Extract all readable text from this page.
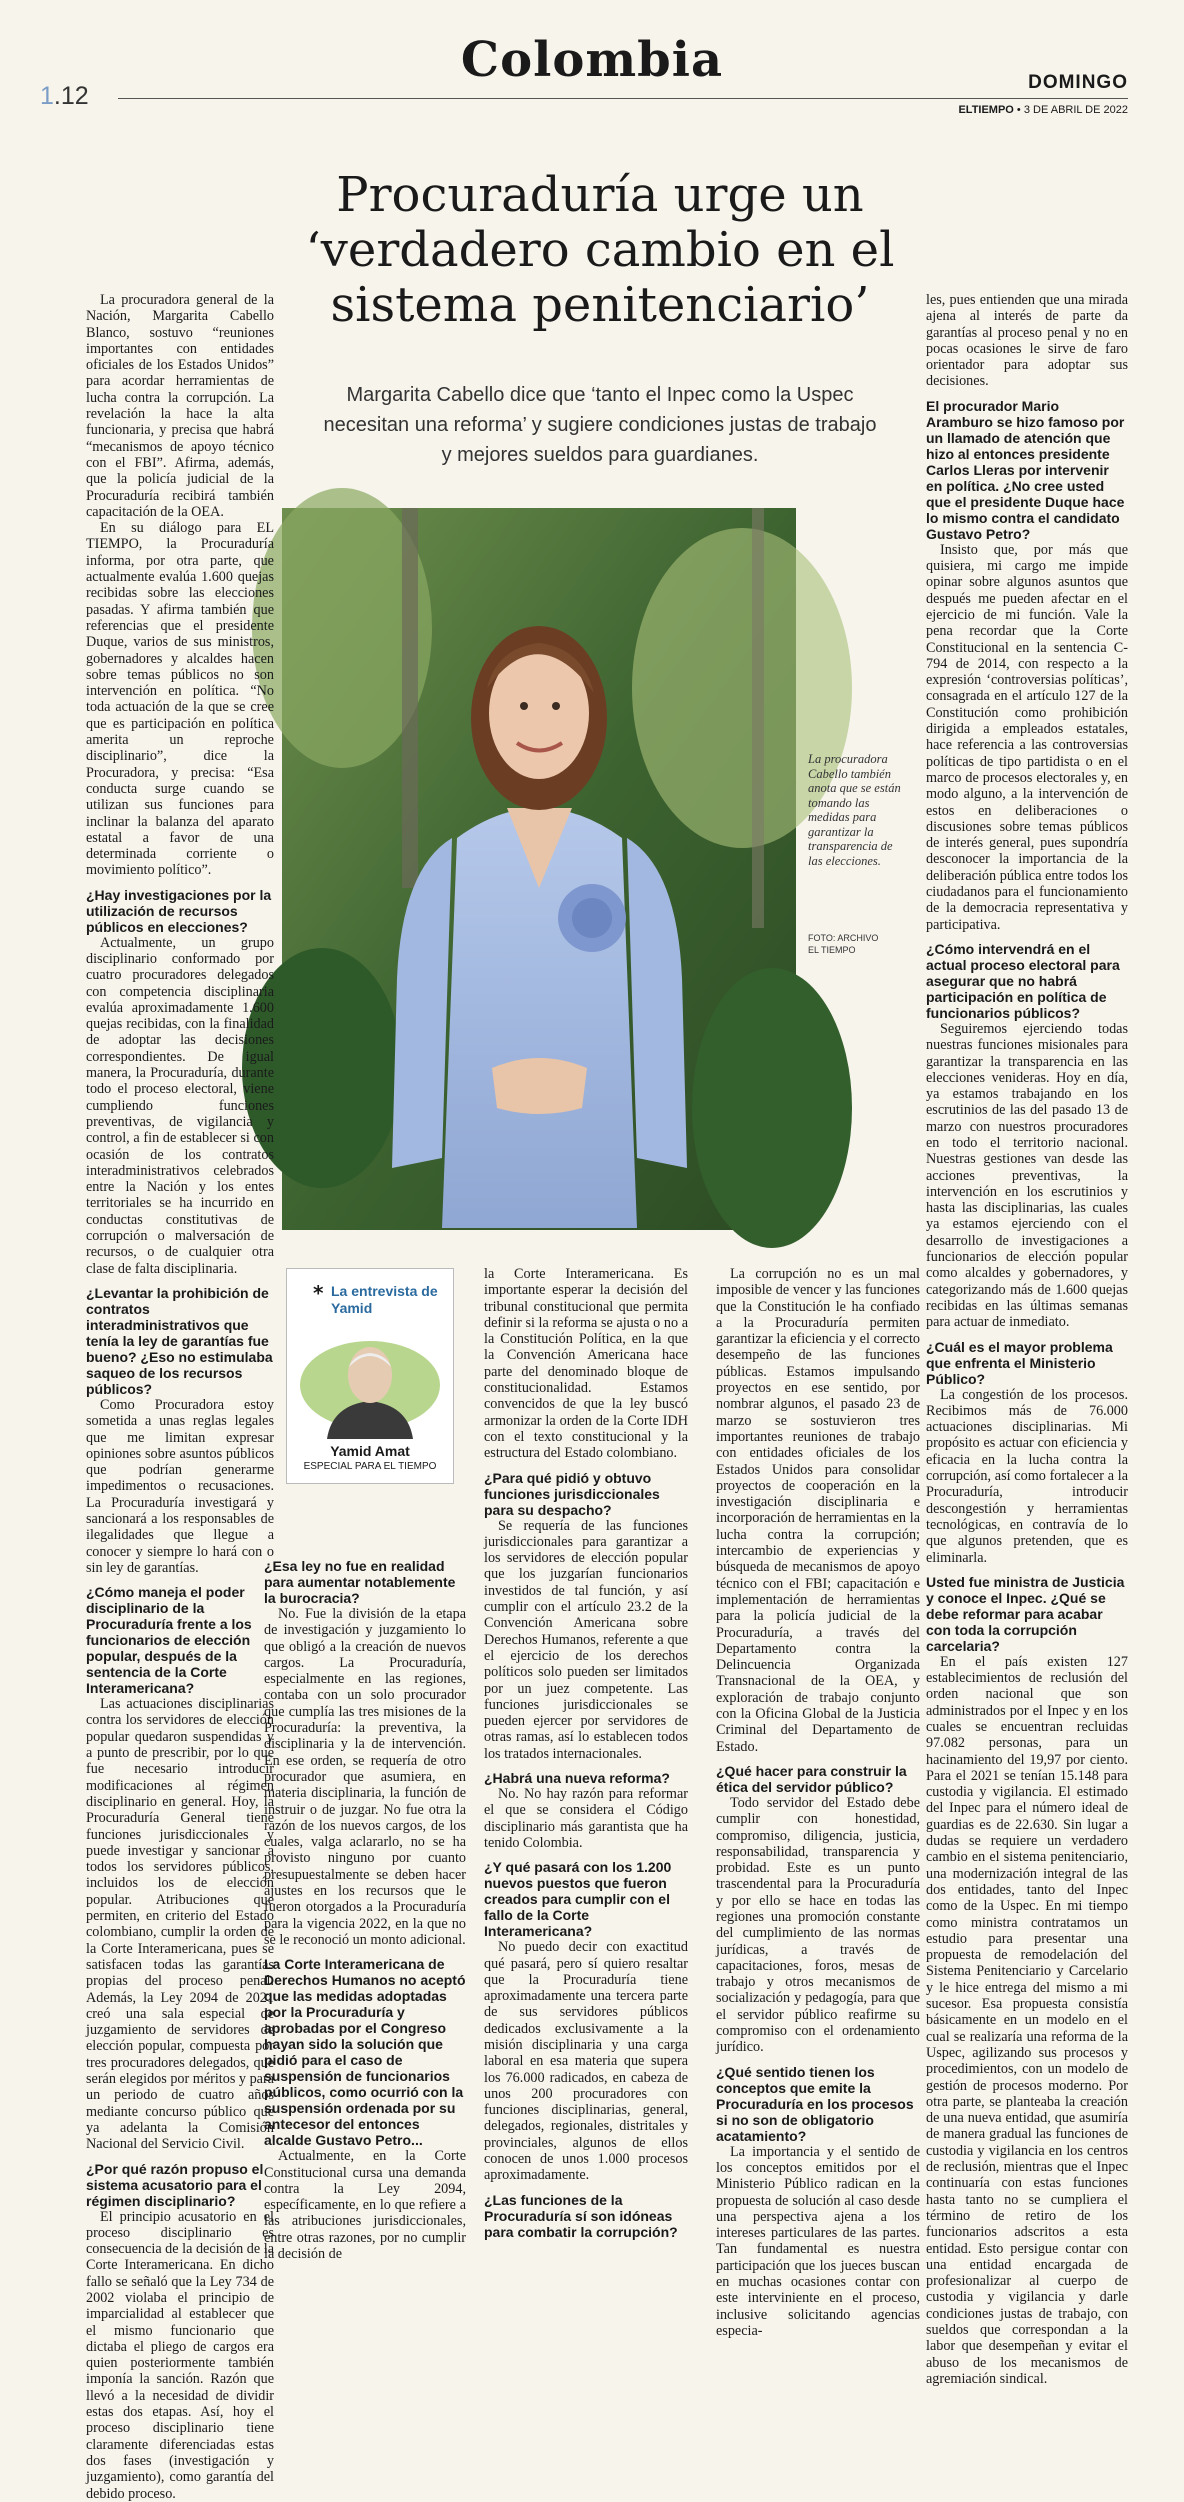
Colombia
1.12	DOMINGO
ELTIEMPO • 3 DE ABRIL DE 2022
Procuraduría urge un ‘verdadero cambio en el sistema penitenciario’
Margarita Cabello dice que ‘tanto el Inpec como la Uspec necesitan una reforma’ y sugiere condiciones justas de trabajo y mejores sueldos para guardianes.
La procuradora Cabello también anota que se están tomando las medidas para garantizar la transparencia de las elecciones.
FOTO: ARCHIVO
EL TIEMPO
* La entrevista de Yamid
Yamid Amat
ESPECIAL PARA EL TIEMPO

La procuradora general de la Nación, Margarita Cabello Blanco, sostuvo “reuniones importantes con entidades oficiales de los Estados Unidos” para acordar herramientas de lucha contra la corrupción. La revelación la hace la alta funcionaria, y precisa que habrá “mecanismos de apoyo técnico con el FBI”. Afirma, además, que la policía judicial de la Procuraduría recibirá también capacitación de la OEA.

En su diálogo para EL TIEMPO, la Procuraduría informa, por otra parte, que actualmente evalúa 1.600 quejas recibidas sobre las elecciones pasadas. Y afirma también que referencias que el presidente Duque, varios de sus ministros, gobernadores y alcaldes hacen sobre temas públicos no son intervención en política. “No toda actuación de la que se cree que es participación en política amerita un reproche disciplinario”, dice la Procuradora, y precisa: “Esa conducta surge cuando se utilizan sus funciones para inclinar la balanza del aparato estatal a favor de una determinada corriente o movimiento político”.

¿Hay investigaciones por la utilización de recursos públicos en elecciones?

Actualmente, un grupo disciplinario conformado por cuatro procuradores delegados con competencia disciplinaria evalúa aproximadamente 1.600 quejas recibidas, con la finalidad de adoptar las decisiones correspondientes. De igual manera, la Procuraduría, durante todo el proceso electoral, viene cumpliendo funciones preventivas, de vigilancia y control, a fin de establecer si con ocasión de los contratos interadministrativos celebrados entre la Nación y los entes territoriales se ha incurrido en conductas constitutivas de corrupción o malversación de recursos, o de cualquier otra clase de falta disciplinaria.

¿Levantar la prohibición de contratos interadministrativos que tenía la ley de garantías fue bueno? ¿Eso no estimulaba saqueo de los recursos públicos?

Como Procuradora estoy sometida a unas reglas legales que me limitan expresar opiniones sobre asuntos públicos que podrían generarme impedimentos o recusaciones. La Procuraduría investigará y sancionará a los responsables de ilegalidades que llegue a conocer y siempre lo hará con o sin ley de garantías.

¿Cómo maneja el poder disciplinario de la Procuraduría frente a los funcionarios de elección popular, después de la sentencia de la Corte Interamericana?

Las actuaciones disciplinarias contra los servidores de elección popular quedaron suspendidas y a punto de prescribir, por lo que fue necesario introducir modificaciones al régimen disciplinario en general. Hoy, la Procuraduría General tiene funciones jurisdiccionales y puede investigar y sancionar a todos los servidores públicos, incluidos los de elección popular. Atribuciones que permiten, en criterio del Estado colombiano, cumplir la orden de la Corte Interamericana, pues se satisfacen todas las garantías propias del proceso penal. Además, la Ley 2094 de 2021 creó una sala especial de juzgamiento de servidores de elección popular, compuesta por tres procuradores delegados, que serán elegidos por méritos y para un periodo de cuatro años mediante concurso público que ya adelanta la Comisión Nacional del Servicio Civil.

¿Por qué razón propuso el sistema acusatorio para el régimen disciplinario?

El principio acusatorio en el proceso disciplinario es consecuencia de la decisión de la Corte Interamericana. En dicho fallo se señaló que la Ley 734 de 2002 violaba el principio de imparcialidad al establecer que el mismo funcionario que dictaba el pliego de cargos era quien posteriormente también imponía la sanción. Razón que llevó a la necesidad de dividir estas dos etapas. Así, hoy el proceso disciplinario tiene claramente diferenciadas estas dos fases (investigación y juzgamiento), como garantía del debido proceso.

¿Esa ley no fue en realidad para aumentar notablemente la burocracia?

No. Fue la división de la etapa de investigación y juzgamiento lo que obligó a la creación de nuevos cargos. La Procuraduría, especialmente en las regiones, contaba con un solo procurador que cumplía las tres misiones de la Procuraduría: la preventiva, la disciplinaria y la de intervención. En ese orden, se requería de otro procurador que asumiera, en materia disciplinaria, la función de instruir o de juzgar. No fue otra la razón de los nuevos cargos, de los cuales, valga aclararlo, no se ha provisto ninguno por cuanto presupuestalmente se deben hacer ajustes en los recursos que le fueron otorgados a la Procuraduría para la vigencia 2022, en la que no se le reconoció un monto adicional.

La Corte Interamericana de Derechos Humanos no aceptó que las medidas adoptadas por la Procuraduría y aprobadas por el Congreso hayan sido la solución que pidió para el caso de suspensión de funcionarios públicos, como ocurrió con la suspensión ordenada por su antecesor del entonces alcalde Gustavo Petro...

Actualmente, en la Corte Constitucional cursa una demanda contra la Ley 2094, específicamente, en lo que refiere a las atribuciones jurisdiccionales, entre otras razones, por no cumplir la decisión de

la Corte Interamericana. Es importante esperar la decisión del tribunal constitucional que permita definir si la reforma se ajusta o no a la Constitución Política, en la que la Convención Americana hace parte del denominado bloque de constitucionalidad. Estamos convencidos de que la ley buscó armonizar la orden de la Corte IDH con el texto constitucional y la estructura del Estado colombiano.

¿Para qué pidió y obtuvo funciones jurisdiccionales para su despacho?

Se requería de las funciones jurisdiccionales para garantizar a los servidores de elección popular que los juzgarían funcionarios investidos de tal función, y así cumplir con el artículo 23.2 de la Convención Americana sobre Derechos Humanos, referente a que el ejercicio de los derechos políticos solo pueden ser limitados por un juez competente. Las funciones jurisdiccionales se pueden ejercer por servidores de otras ramas, así lo establecen todos los tratados internacionales.

¿Habrá una nueva reforma?

No. No hay razón para reformar el que se considera el Código disciplinario más garantista que ha tenido Colombia.

¿Y qué pasará con los 1.200 nuevos puestos que fueron creados para cumplir con el fallo de la Corte Interamericana?

No puedo decir con exactitud qué pasará, pero sí quiero resaltar que la Procuraduría tiene aproximadamente una tercera parte de sus servidores públicos dedicados exclusivamente a la misión disciplinaria y una carga laboral en esa materia que supera los 76.000 radicados, en cabeza de unos 200 procuradores con funciones disciplinarias, general, delegados, regionales, distritales y provinciales, algunos de ellos conocen de unos 1.000 procesos aproximadamente.

¿Las funciones de la Procuraduría sí son idóneas para combatir la corrupción?

La corrupción no es un mal imposible de vencer y las funciones que la Constitución le ha confiado a la Procuraduría permiten garantizar la eficiencia y el correcto desempeño de las funciones públicas. Estamos impulsando proyectos en ese sentido, por nombrar algunos, el pasado 23 de marzo se sostuvieron tres importantes reuniones de trabajo con entidades oficiales de los Estados Unidos para consolidar proyectos de cooperación en la investigación disciplinaria e incorporación de herramientas en la lucha contra la corrupción; intercambio de experiencias y búsqueda de mecanismos de apoyo técnico con el FBI; capacitación e implementación de herramientas para la policía judicial de la Procuraduría, a través del Departamento contra la Delincuencia Organizada Transnacional de la OEA, y exploración de trabajo conjunto con la Oficina Global de la Justicia Criminal del Departamento de Estado.

¿Qué hacer para construir la ética del servidor público?

Todo servidor del Estado debe cumplir con honestidad, compromiso, diligencia, justicia, responsabilidad, transparencia y probidad. Este es un punto trascendental para la Procuraduría y por ello se hace en todas las regiones una promoción constante del cumplimiento de las normas jurídicas, a través de capacitaciones, foros, mesas de trabajo y otros mecanismos de socialización y pedagogía, para que el servidor público reafirme su compromiso con el ordenamiento jurídico.

¿Qué sentido tienen los conceptos que emite la Procuraduría en los procesos si no son de obligatorio acatamiento?

La importancia y el sentido de los conceptos emitidos por el Ministerio Público radican en la propuesta de solución al caso desde una perspectiva ajena a los intereses particulares de las partes. Tan fundamental es nuestra participación que los jueces buscan en muchas ocasiones contar con este interviniente en el proceso, inclusive solicitando agencias especia-

les, pues entienden que una mirada ajena al interés de parte da garantías al proceso penal y no en pocas ocasiones le sirve de faro orientador para adoptar sus decisiones.

El procurador Mario Aramburo se hizo famoso por un llamado de atención que hizo al entonces presidente Carlos Lleras por intervenir en política. ¿No cree usted que el presidente Duque hace lo mismo contra el candidato Gustavo Petro?

Insisto que, por más que quisiera, mi cargo me impide opinar sobre algunos asuntos que después me pueden afectar en el ejercicio de mi función. Vale la pena recordar que la Corte Constitucional en la sentencia C-794 de 2014, con respecto a la expresión ‘controversias políticas’, consagrada en el artículo 127 de la Constitución como prohibición dirigida a empleados estatales, hace referencia a las controversias políticas de tipo partidista o en el marco de procesos electorales y, en modo alguno, a la intervención de estos en deliberaciones o discusiones sobre temas públicos de interés general, pues supondría desconocer la importancia de la deliberación pública entre todos los ciudadanos para el funcionamiento de la democracia representativa y participativa.

¿Cómo intervendrá en el actual proceso electoral para asegurar que no habrá participación en política de funcionarios públicos?

Seguiremos ejerciendo todas nuestras funciones misionales para garantizar la transparencia en las elecciones venideras. Hoy en día, ya estamos trabajando en los escrutinios de las del pasado 13 de marzo con nuestros procuradores en todo el territorio nacional. Nuestras gestiones van desde las acciones preventivas, la intervención en los escrutinios y hasta las disciplinarias, las cuales ya estamos ejerciendo con el desarrollo de investigaciones a funcionarios de elección popular como alcaldes y gobernadores, y categorizando más de 1.600 quejas recibidas en las últimas semanas para actuar de inmediato.

¿Cuál es el mayor problema que enfrenta el Ministerio Público?

La congestión de los procesos. Recibimos más de 76.000 actuaciones disciplinarias. Mi propósito es actuar con eficiencia y eficacia en la lucha contra la corrupción, así como fortalecer a la Procuraduría, introducir descongestión y herramientas tecnológicas, en contravía de lo que algunos pretenden, que es eliminarla.

Usted fue ministra de Justicia y conoce el Inpec. ¿Qué se debe reformar para acabar con toda la corrupción carcelaria?

En el país existen 127 establecimientos de reclusión del orden nacional que son administrados por el Inpec y en los cuales se encuentran recluidas 97.082 personas, para un hacinamiento del 19,97 por ciento. Para el 2021 se tenían 15.148 para custodia y vigilancia. El estimado del Inpec para el número ideal de guardias es de 22.630. Sin lugar a dudas se requiere un verdadero cambio en el sistema penitenciario, una modernización integral de las dos entidades, tanto del Inpec como de la Uspec. En mi tiempo como ministra contratamos un estudio para presentar una propuesta de remodelación del Sistema Penitenciario y Carcelario y le hice entrega del mismo a mi sucesor. Esa propuesta consistía básicamente en un modelo en el cual se realizaría una reforma de la Uspec, agilizando sus procesos y procedimientos, con un modelo de gestión de procesos moderno. Por otra parte, se planteaba la creación de una nueva entidad, que asumiría de manera gradual las funciones de custodia y vigilancia en los centros de reclusión, mientras que el Inpec continuaría con estas funciones hasta tanto no se cumpliera el término de retiro de los funcionarios adscritos a esta entidad. Esto persigue contar con una entidad encargada de profesionalizar al cuerpo de custodia y vigilancia y darle condiciones justas de trabajo, con sueldos que correspondan a la labor que desempeñan y evitar el abuso de los mecanismos de agremiación sindical.
